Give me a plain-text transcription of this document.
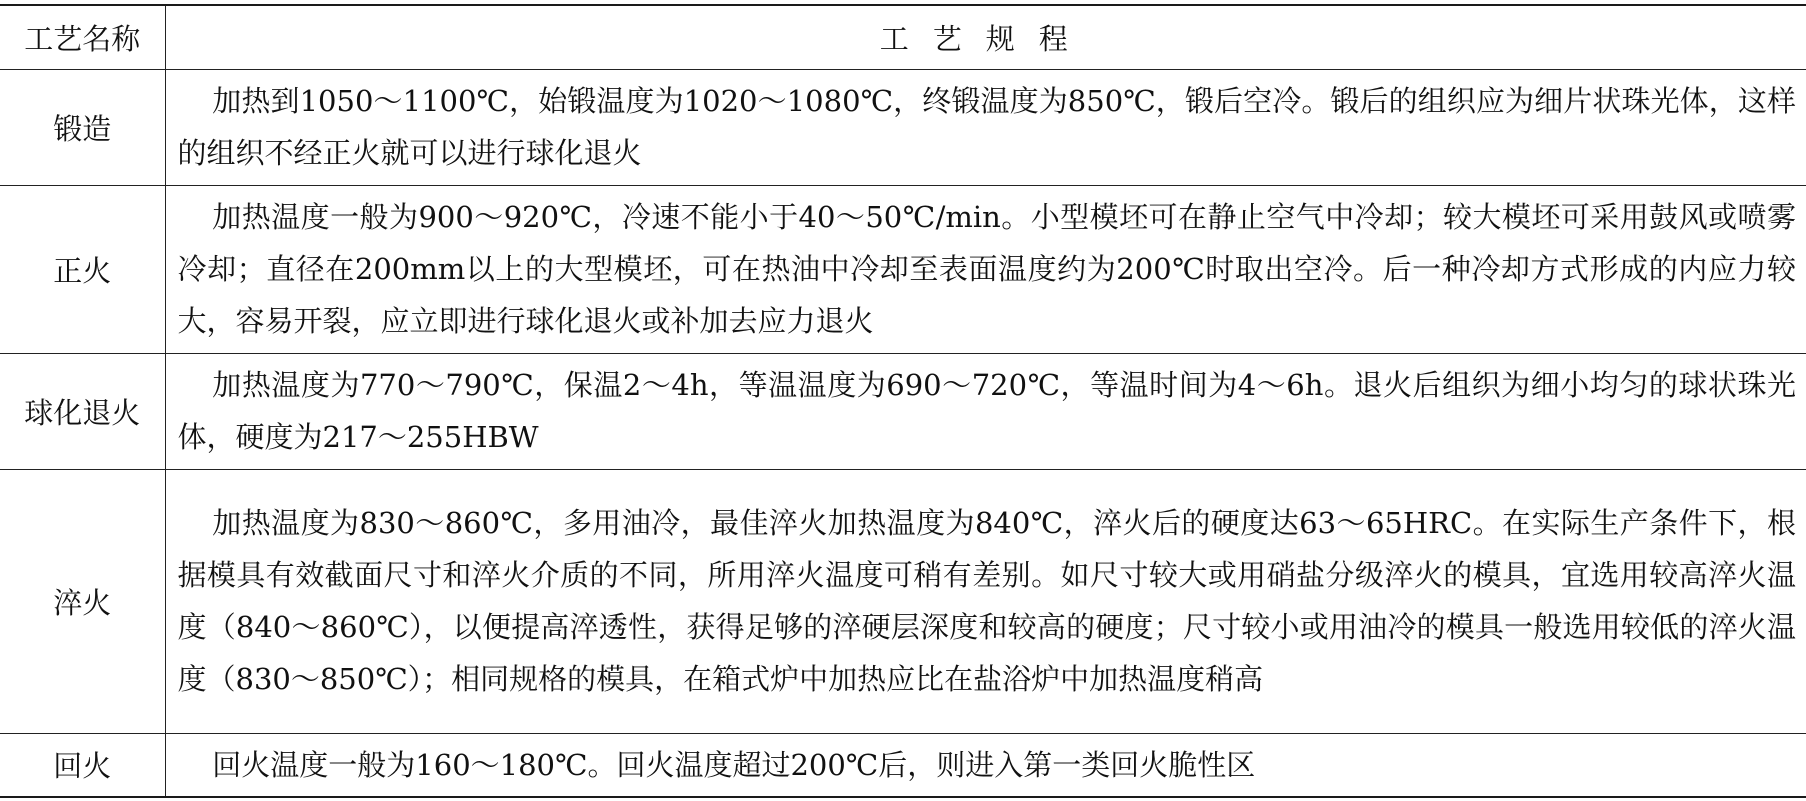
工艺名称	工艺规程
锻造	加热到1050～1100℃，始锻温度为1020～1080℃，终锻温度为850℃，锻后空冷。锻后的组织应为细片状珠光体，这样的组织不经正火就可以进行球化退火

正火	加热温度一般为900～920℃，冷速不能小于40～50℃/min。小型模坯可在静止空气中冷却；较大模坯可采用鼓风或喷雾冷却；直径在200mm以上的大型模坯，可在热油中冷却至表面温度约为200℃时取出空冷。后一种冷却方式形成的内应力较大，容易开裂，应立即进行球化退火或补加去应力退火

球化退火	加热温度为770～790℃，保温2～4h，等温温度为690～720℃，等温时间为4～6h。退火后组织为细小均匀的球状珠光体，硬度为217～255HBW

淬火	加热温度为830～860℃，多用油冷，最佳淬火加热温度为840℃，淬火后的硬度达63～65HRC。在实际生产条件下，根据模具有效截面尺寸和淬火介质的不同，所用淬火温度可稍有差别。如尺寸较大或用硝盐分级淬火的模具，宜选用较高淬火温度（840～860℃），以便提高淬透性，获得足够的淬硬层深度和较高的硬度；尺寸较小或用油冷的模具一般选用较低的淬火温度（830～850℃）；相同规格的模具，在箱式炉中加热应比在盐浴炉中加热温度稍高

回火	回火温度一般为160～180℃。回火温度超过200℃后，则进入第一类回火脆性区
